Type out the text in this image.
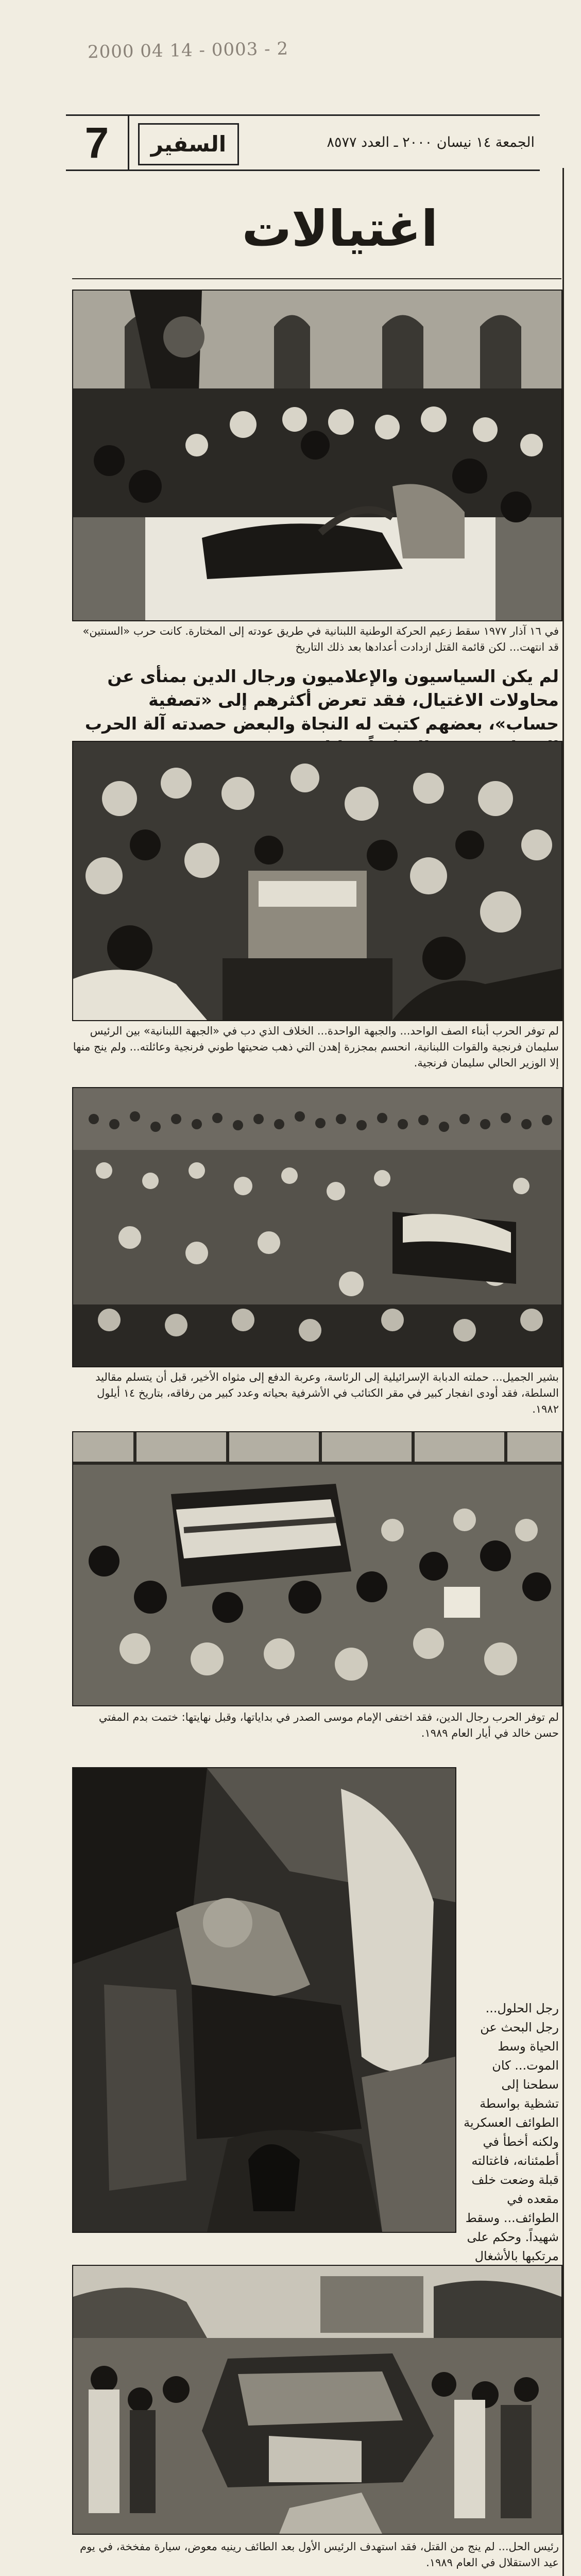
2000 04 14 - 0003 - 2
7	السفير	الجمعة ١٤ نيسان ٢٠٠٠ ـ العدد ٨٥٧٧
اغتيالات
في ١٦ آذار ١٩٧٧ سقط زعيم الحركة الوطنية اللبنانية في طريق عودته إلى المختارة. كانت حرب «السنتين» قد انتهت... لكن قائمة القتل ازدادت أعدادها بعد ذلك التاريخ
لم يكن السياسيون والإعلاميون ورجال الدين بمنأى عن محاولات الاغتيال، فقد تعرض أكثرهم إلى «تصفية حساب»، بعضهم كتبت له النجاة والبعض حصدته آلة الحرب
لم توفر الحرب أبناء الصف الواحد... والجبهة الواحدة... الخلاف الذي دب في «الجبهة اللبنانية» بين الرئيس سليمان فرنجية والقوات اللبنانية، انحسم بمجزرة إهدن التي ذهب ضحيتها طوني فرنجية وعائلته... ولم ينج منها إلا الوزير الحالي سليمان فرنجية.
بشير الجميل... حملته الدبابة الإسرائيلية إلى الرئاسة، وعربة الدفع إلى مثواه الأخير، قبل أن يتسلم مقاليد السلطة، فقد أودى انفجار كبير في مقر الكتائب في الأشرفية بحياته وعدد كبير من رفاقه، بتاريخ ١٤ أيلول ١٩٨٢.
لم توفر الحرب رجال الدين، فقد اختفى الإمام موسى الصدر في بداياتها، وقبل نهايتها: ختمت بدم المفتي حسن خالد في أيار العام ١٩٨٩.
رجل الحلول... رجل البحث عن الحياة وسط الموت... كان سطحنا إلى تشظية بواسطة الطوائف العسكرية ولكنه أخطأ في أطمئنانه، فاغتالته قبلة وضعت خلف مقعده في الطوائف... وسقط شهيداً. وحكم على مرتكبها بالأشغال
رئيس الحل... لم ينج من القتل، فقد استهدف الرئيس الأول بعد الطائف رينيه معوض، سيارة مفخخة، في يوم عيد الاستقلال في العام ١٩٨٩.
